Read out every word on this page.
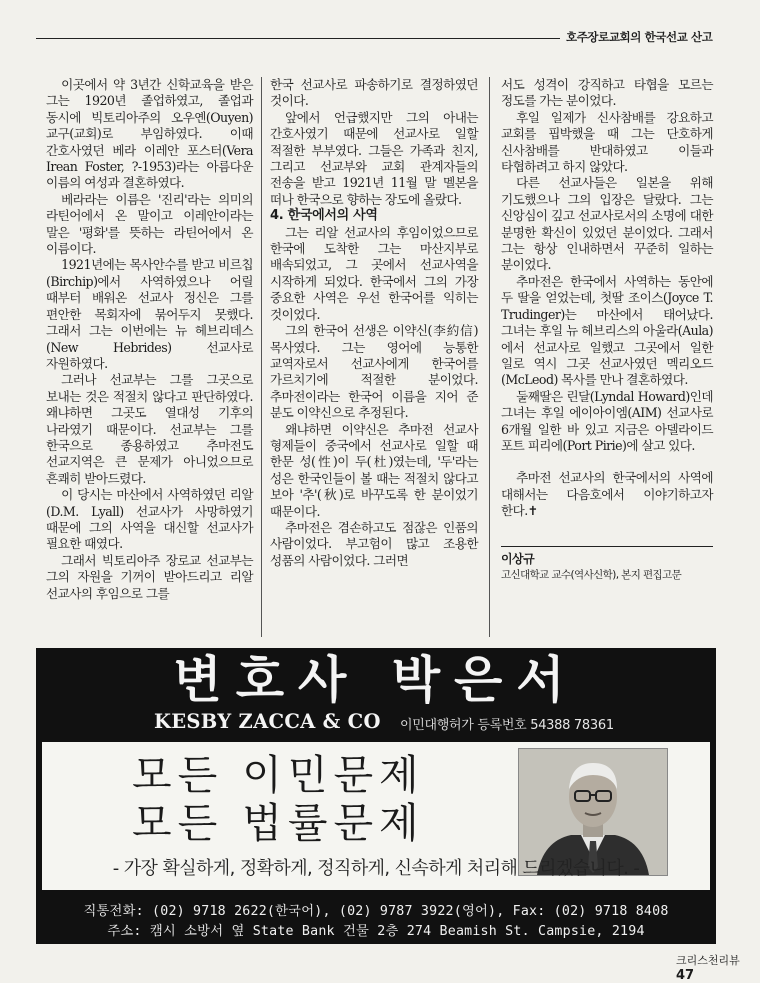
호주장로교회의 한국선교 산고

이곳에서 약 3년간 신학교육을 받은 그는 1920년 졸업하였고, 졸업과 동시에 빅토리아주의 오우옌(Ouyen)교구(교회)로 부임하였다. 이때 간호사였던 베라 이레안 포스터(Vera Irean Foster, ?-1953)라는 아름다운 이름의 여성과 결혼하였다.

베라라는 이름은 '진리'라는 의미의 라틴어에서 온 말이고 이레안이라는 말은 '평화'를 뜻하는 라틴어에서 온 이름이다.

1921년에는 목사안수를 받고 비르칩(Birchip)에서 사역하였으나 어릴 때부터 배워온 선교사 정신은 그를 편안한 목회자에 묶어두지 못했다. 그래서 그는 이번에는 뉴 헤브리데스(New Hebrides) 선교사로 자원하였다.

그러나 선교부는 그를 그곳으로 보내는 것은 적절치 않다고 판단하였다. 왜냐하면 그곳도 열대성 기후의 나라였기 때문이다. 선교부는 그를 한국으로 종용하였고 추마전도 선교지역은 큰 문제가 아니었으므로 흔쾌히 받아드렸다.

이 당시는 마산에서 사역하였던 리알(D.M. Lyall) 선교사가 사망하였기 때문에 그의 사역을 대신할 선교사가 필요한 때였다.

그래서 빅토리아주 장로교 선교부는 그의 자원을 기꺼이 받아드리고 리알 선교사의 후임으로 그를

한국 선교사로 파송하기로 결정하였던 것이다.

앞에서 언급했지만 그의 아내는 간호사였기 때문에 선교사로 일할 적절한 부부였다. 그들은 가족과 친지, 그리고 선교부와 교회 관계자들의 전송을 받고 1921년 11월 말 멜본을 떠나 한국으로 향하는 장도에 올랐다.

4. 한국에서의 사역

그는 리알 선교사의 후임이었으므로 한국에 도착한 그는 마산지부로 배속되었고, 그 곳에서 선교사역을 시작하게 되었다. 한국에서 그의 가장 중요한 사역은 우선 한국어를 익히는 것이었다.

그의 한국어 선생은 이약신(李約信) 목사였다. 그는 영어에 능통한 교역자로서 선교사에게 한국어를 가르치기에 적절한 분이었다. 추마전이라는 한국어 이름을 지어 준 분도 이약신으로 추정된다.

왜냐하면 이약신은 추마전 선교사 형제들이 중국에서 선교사로 일할 때 한문 성(性)이 두(杜)였는데, '두'라는 성은 한국인들이 볼 때는 적절치 않다고 보아 '추'(秋)로 바꾸도록 한 분이었기 때문이다.

추마전은 겸손하고도 점잖은 인품의 사람이었다. 부고험이 많고 조용한 성품의 사람이었다. 그러면

서도 성격이 강직하고 타협을 모르는 정도를 가는 분이었다.

후일 일제가 신사참배를 강요하고 교회를 핍박했을 때 그는 단호하게 신사참배를 반대하였고 이들과 타협하려고 하지 않았다.

다른 선교사들은 일본을 위해 기도했으나 그의 입장은 달랐다. 그는 신앙심이 깊고 선교사로서의 소명에 대한 분명한 확신이 있었던 분이었다. 그래서 그는 항상 인내하면서 꾸준히 일하는 분이었다.

추마전은 한국에서 사역하는 동안에 두 딸을 얻었는데, 첫딸 조이스(Joyce T. Trudinger)는 마산에서 태어났다. 그녀는 후일 뉴 헤브리스의 아울라(Aula)에서 선교사로 일했고 그곳에서 일한 일로 역시 그곳 선교사였던 멕리오드(McLeod) 목사를 만나 결혼하였다.

둘째딸은 린달(Lyndal Howard)인데 그녀는 후일 에이아이엠(AIM) 선교사로 6개월 일한 바 있고 지금은 아델라이드 포트 피리에(Port Pirie)에 살고 있다.

추마전 선교사의 한국에서의 사역에 대해서는 다음호에서 이야기하고자 한다.✝

이상규

고신대학교 교수(역사신학), 본지 편집고문

변호사 박은서
KESBY ZACCA & CO 이민대행허가 등록번호 54388 78361
모든 이민문제
모든 법률문제
- 가장 확실하게, 정확하게, 정직하게, 신속하게 처리해 드리겠습니다. -
직통전화: (02) 9718 2622(한국어), (02) 9787 3922(영어), Fax: (02) 9718 8408
주소: 캠시 소방서 옆 State Bank 건물 2층 274 Beamish St. Campsie, 2194
크리스천리뷰 47
